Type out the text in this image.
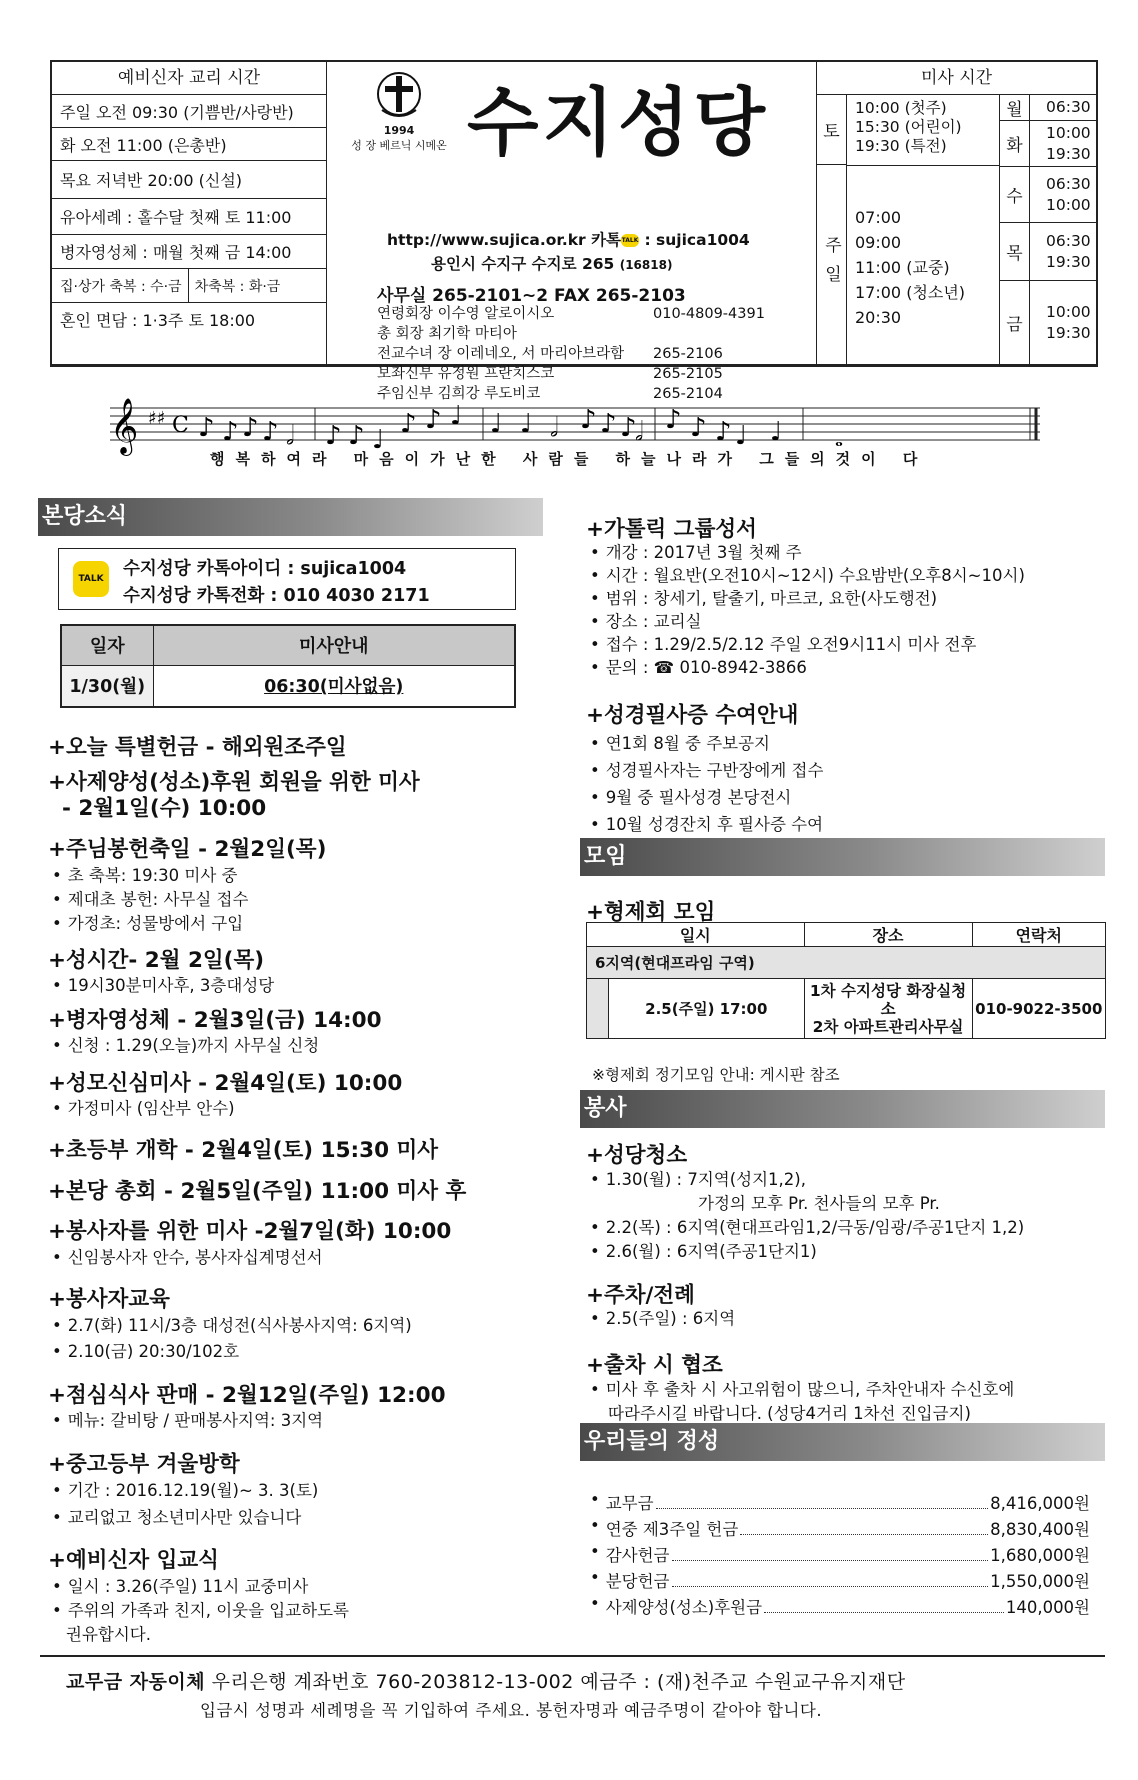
예비신자 교리 시간
주일 오전 09:30 (기쁨반/사랑반)
화 오전 11:00 (은총반)
목요 저녁반 20:00 (신설)
유아세례 : 홀수달 첫째 토 11:00
병자영성체 : 매월 첫째 금 14:00
집·상가 축복 : 수·금 차축복 : 화·금
혼인 면담 : 1·3주 토 18:00
1994
성 장 베르닉 시메온 수지성당
http://www.sujica.or.kr 카톡TALK : sujica1004
용인시 수지구 수지로 265 (16818)
사무실 265-2101~2 FAX 265-2103
연령회장 이수영 알로이시오	010-4809-4391
총 회장 최기학 마티아
전교수녀 장 이레네오, 서 마리아브라함	265-2106
보좌신부 유정원 프란치스코	265-2105
주임신부 김희강 루도비코	265-2104
미사 시간
토
10:00 (첫주)
15:30 (어린이)
19:30 (특전)
주일
07:00
09:00
11:00 (교중)
17:00 (청소년)
20:30
월	06:30
화
10:00
19:30
수
06:30
10:00
목
06:30
19:30
금
10:00
19:30
𝄞 ♯♯ C ♪ ♪ ♪ ♪ 𝅗𝅥 ♪ ♪ ♩
♪ ♪ ♩ ♩ ♩ 𝅗𝅥 ♪ ♪ ♪
𝅗𝅥 ♪ ♪ ♪ ♩ ♩	𝅝
행복하여라 마음이가난한 사람들 하늘나라가 그들의것이 다
본당소식
TALK	수지성당 카톡아이디 : sujica1004
수지성당 카톡전화 : 010 4030 2171
일자	미사안내
1/30(월)	06:30(미사없음)
+오늘 특별헌금 - 해외원조주일
+사제양성(성소)후원 회원을 위한 미사
- 2월1일(수) 10:00
+주님봉헌축일 - 2월2일(목)
• 초 축복: 19:30 미사 중
• 제대초 봉헌: 사무실 접수
• 가정초: 성물방에서 구입
+성시간- 2월 2일(목)
• 19시30분미사후, 3층대성당
+병자영성체 - 2월3일(금) 14:00
• 신청 : 1.29(오늘)까지 사무실 신청
+성모신심미사 - 2월4일(토) 10:00
• 가정미사 (임산부 안수)
+초등부 개학 - 2월4일(토) 15:30 미사
+본당 총회 - 2월5일(주일) 11:00 미사 후
+봉사자를 위한 미사 -2월7일(화) 10:00
• 신임봉사자 안수, 봉사자십계명선서
+봉사자교육
• 2.7(화) 11시/3층 대성전(식사봉사지역: 6지역)
• 2.10(금) 20:30/102호
+점심식사 판매 - 2월12일(주일) 12:00
• 메뉴: 갈비탕 / 판매봉사지역: 3지역
+중고등부 겨울방학
• 기간 : 2016.12.19(월)~ 3. 3(토)
• 교리없고 청소년미사만 있습니다
+예비신자 입교식
• 일시 : 3.26(주일) 11시 교중미사
• 주위의 가족과 친지, 이웃을 입교하도록
권유합시다.
+가톨릭 그룹성서
• 개강 : 2017년 3월 첫째 주
• 시간 : 월요반(오전10시~12시) 수요밤반(오후8시~10시)
• 범위 : 창세기, 탈출기, 마르코, 요한(사도행전)
• 장소 : 교리실
• 접수 : 1.29/2.5/2.12 주일 오전9시11시 미사 전후
• 문의 : ☎ 010-8942-3866
+성경필사증 수여안내
• 연1회 8월 중 주보공지
• 성경필사자는 구반장에게 접수
• 9월 중 필사성경 본당전시
• 10월 성경잔치 후 필사증 수여
모임
+형제회 모임
일시		장소	연락처
6지역(현대프라임 구역)			
	2.5(주일) 17:00	1차 수지성당 화장실청소
2차 아파트관리사무실	010-9022-3500
※형제회 정기모임 안내: 게시판 참조
봉사
+성당청소
• 1.30(월) : 7지역(성지1,2),
가정의 모후 Pr. 천사들의 모후 Pr.
• 2.2(목) : 6지역(현대프라임1,2/극동/임광/주공1단지 1,2)
• 2.6(월) : 6지역(주공1단지1)
+주차/전례
• 2.5(주일) : 6지역
+출차 시 협조
• 미사 후 출차 시 사고위험이 많으니, 주차안내자 수신호에
따라주시길 바랍니다. (성당4거리 1차선 진입금지)
우리들의 정성
• 교무금	8,416,000원
• 연중 제3주일 헌금	8,830,400원
• 감사헌금	1,680,000원
• 분당헌금	1,550,000원
• 사제양성(성소)후원금	140,000원
교무금 자동이체 우리은행 계좌번호 760-203812-13-002 예금주 : (재)천주교 수원교구유지재단
입금시 성명과 세례명을 꼭 기입하여 주세요. 봉헌자명과 예금주명이 같아야 합니다.
